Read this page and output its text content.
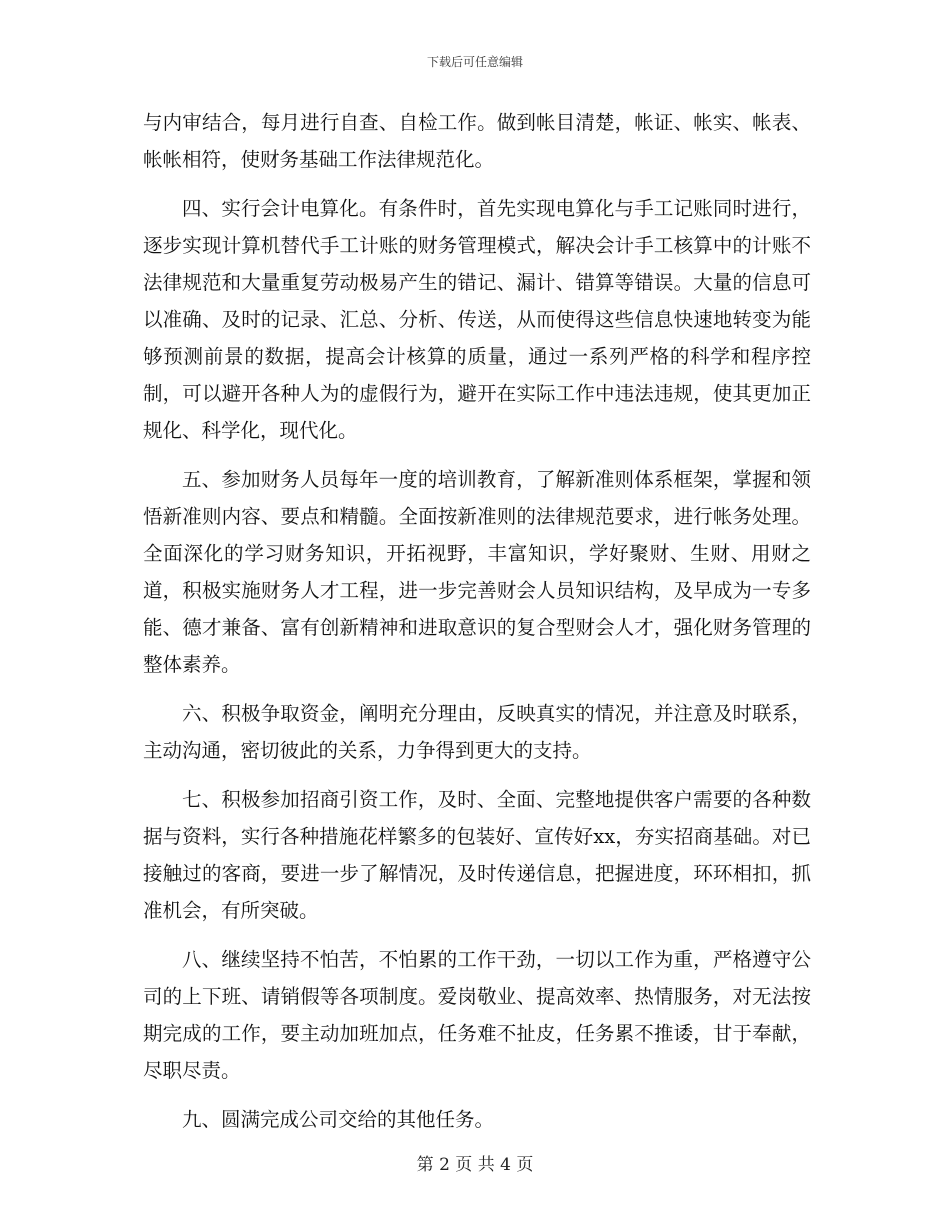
下载后可任意编辑

与内审结合，每月进行自查、自检工作。做到帐目清楚，帐证、帐实、帐表、帐帐相符，使财务基础工作法律规范化。

四、实行会计电算化。有条件时，首先实现电算化与手工记账同时进行，逐步实现计算机替代手工计账的财务管理模式，解决会计手工核算中的计账不法律规范和大量重复劳动极易产生的错记、漏计、错算等错误。大量的信息可以准确、及时的记录、汇总、分析、传送，从而使得这些信息快速地转变为能够预测前景的数据，提高会计核算的质量，通过一系列严格的科学和程序控制，可以避开各种人为的虚假行为，避开在实际工作中违法违规，使其更加正规化、科学化，现代化。

五、参加财务人员每年一度的培训教育，了解新准则体系框架，掌握和领悟新准则内容、要点和精髓。全面按新准则的法律规范要求，进行帐务处理。全面深化的学习财务知识，开拓视野，丰富知识，学好聚财、生财、用财之道，积极实施财务人才工程，进一步完善财会人员知识结构，及早成为一专多能、德才兼备、富有创新精神和进取意识的复合型财会人才，强化财务管理的整体素养。

六、积极争取资金，阐明充分理由，反映真实的情况，并注意及时联系，主动沟通，密切彼此的关系，力争得到更大的支持。

七、积极参加招商引资工作，及时、全面、完整地提供客户需要的各种数据与资料，实行各种措施花样繁多的包装好、宣传好xx，夯实招商基础。对已接触过的客商，要进一步了解情况，及时传递信息，把握进度，环环相扣，抓准机会，有所突破。

八、继续坚持不怕苦，不怕累的工作干劲，一切以工作为重，严格遵守公司的上下班、请销假等各项制度。爱岗敬业、提高效率、热情服务，对无法按期完成的工作，要主动加班加点，任务难不扯皮，任务累不推诿，甘于奉献，尽职尽责。

九、圆满完成公司交给的其他任务。

第 2 页 共 4 页
